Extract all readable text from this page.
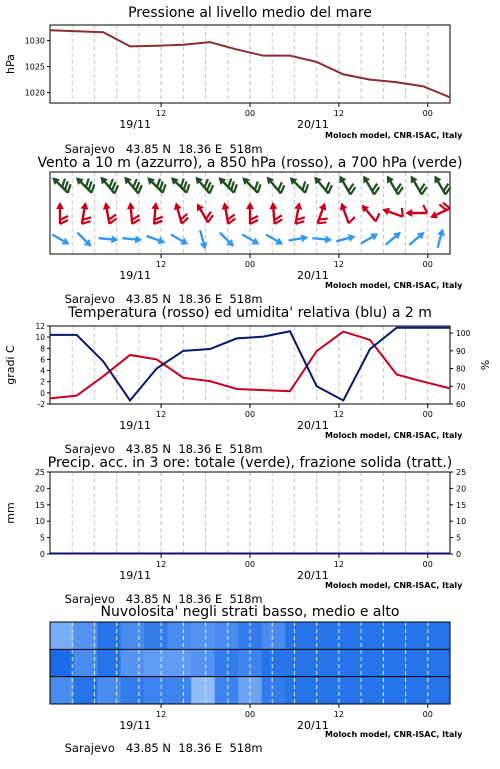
Pressione al livello medio del mare
12	00	12	00
19/11	20/11
1020
1025
1030
hPa

Sarajevo 43.85 N 18.36 E 518m

Moloch model, CNR-ISAC, Italy
Vento a 10 m (azzurro), a 850 hPa (rosso), a 700 hPa (verde)
12	00	12	00
19/11	20/11

Sarajevo 43.85 N 18.36 E 518m

Moloch model, CNR-ISAC, Italy
Temperatura (rosso) ed umidita' relativa (blu) a 2 m
12	00	12	00
19/11	20/11
-2
0
2
4
6
8
10
12
60
70
80
90
100
gradi C	%

Sarajevo 43.85 N 18.36 E 518m

Moloch model, CNR-ISAC, Italy
Precip. acc. in 3 ore: totale (verde), frazione solida (tratt.)
12	00	12	00
19/11	20/11
0
5
10
15
20
25
0
5
10
15
20
25
mm

Sarajevo 43.85 N 18.36 E 518m

Moloch model, CNR-ISAC, Italy
Nuvolosita' negli strati basso, medio e alto
12	00	12	00
19/11	20/11

Sarajevo 43.85 N 18.36 E 518m

Moloch model, CNR-ISAC, Italy
